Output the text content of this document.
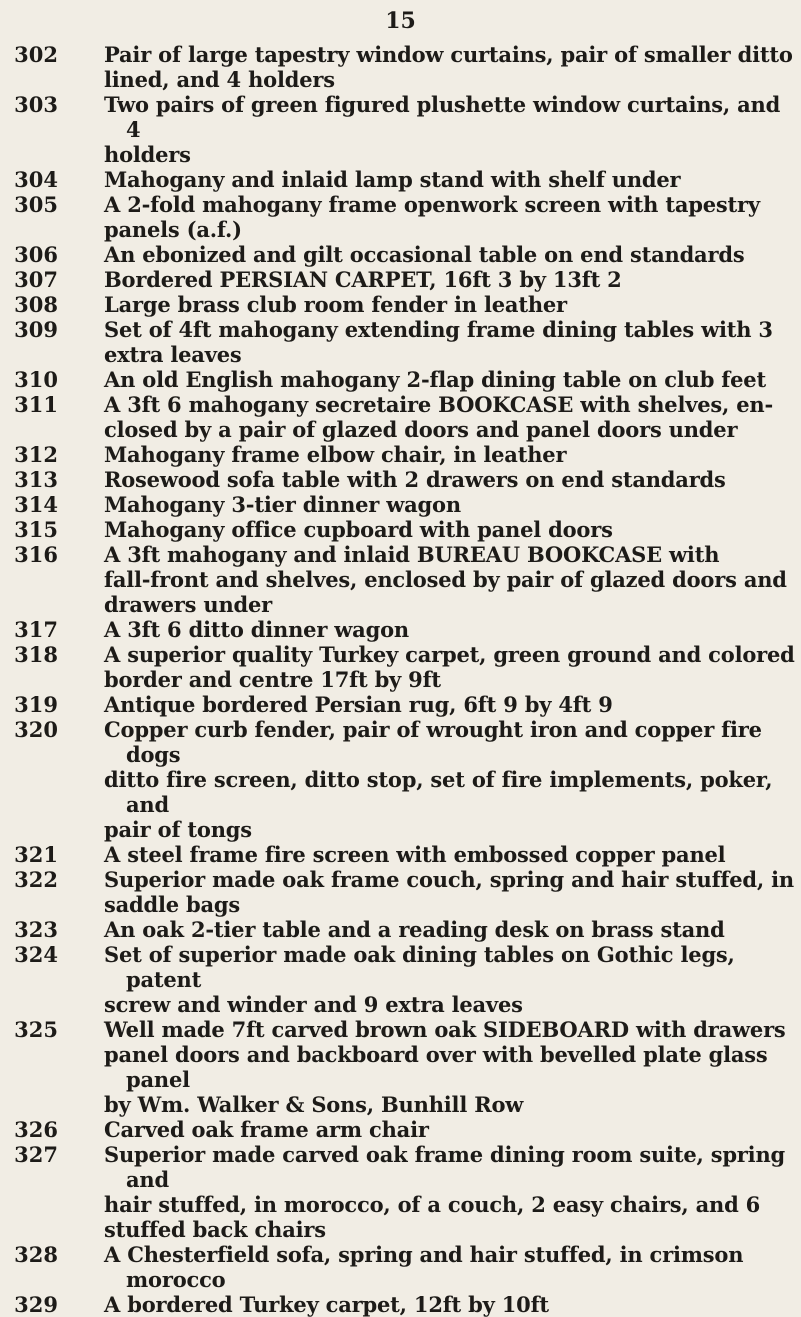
15
302 Pair of large tapestry window curtains, pair of smaller ditto
lined, and 4 holders
303 Two pairs of green figured plushette window curtains, and 4
holders
304 Mahogany and inlaid lamp stand with shelf under
305 A 2-fold mahogany frame openwork screen with tapestry
panels (a.f.)
306 An ebonized and gilt occasional table on end standards
307 Bordered PERSIAN CARPET, 16ft 3 by 13ft 2
308 Large brass club room fender in leather
309 Set of 4ft mahogany extending frame dining tables with 3
extra leaves
310 An old English mahogany 2-flap dining table on club feet
311 A 3ft 6 mahogany secretaire BOOKCASE with shelves, en-
closed by a pair of glazed doors and panel doors under
312 Mahogany frame elbow chair, in leather
313 Rosewood sofa table with 2 drawers on end standards
314 Mahogany 3-tier dinner wagon
315 Mahogany office cupboard with panel doors
316 A 3ft mahogany and inlaid BUREAU BOOKCASE with
fall-front and shelves, enclosed by pair of glazed doors and
drawers under
317 A 3ft 6 ditto dinner wagon
318 A superior quality Turkey carpet, green ground and colored
border and centre 17ft by 9ft
319 Antique bordered Persian rug, 6ft 9 by 4ft 9
320 Copper curb fender, pair of wrought iron and copper fire dogs
ditto fire screen, ditto stop, set of fire implements, poker, and
pair of tongs
321 A steel frame fire screen with embossed copper panel
322 Superior made oak frame couch, spring and hair stuffed, in
saddle bags
323 An oak 2-tier table and a reading desk on brass stand
324 Set of superior made oak dining tables on Gothic legs, patent
screw and winder and 9 extra leaves
325 Well made 7ft carved brown oak SIDEBOARD with drawers
panel doors and backboard over with bevelled plate glass panel
by Wm. Walker & Sons, Bunhill Row
326 Carved oak frame arm chair
327 Superior made carved oak frame dining room suite, spring and
hair stuffed, in morocco, of a couch, 2 easy chairs, and 6
stuffed back chairs
328 A Chesterfield sofa, spring and hair stuffed, in crimson morocco
329 A bordered Turkey carpet, 12ft by 10ft
